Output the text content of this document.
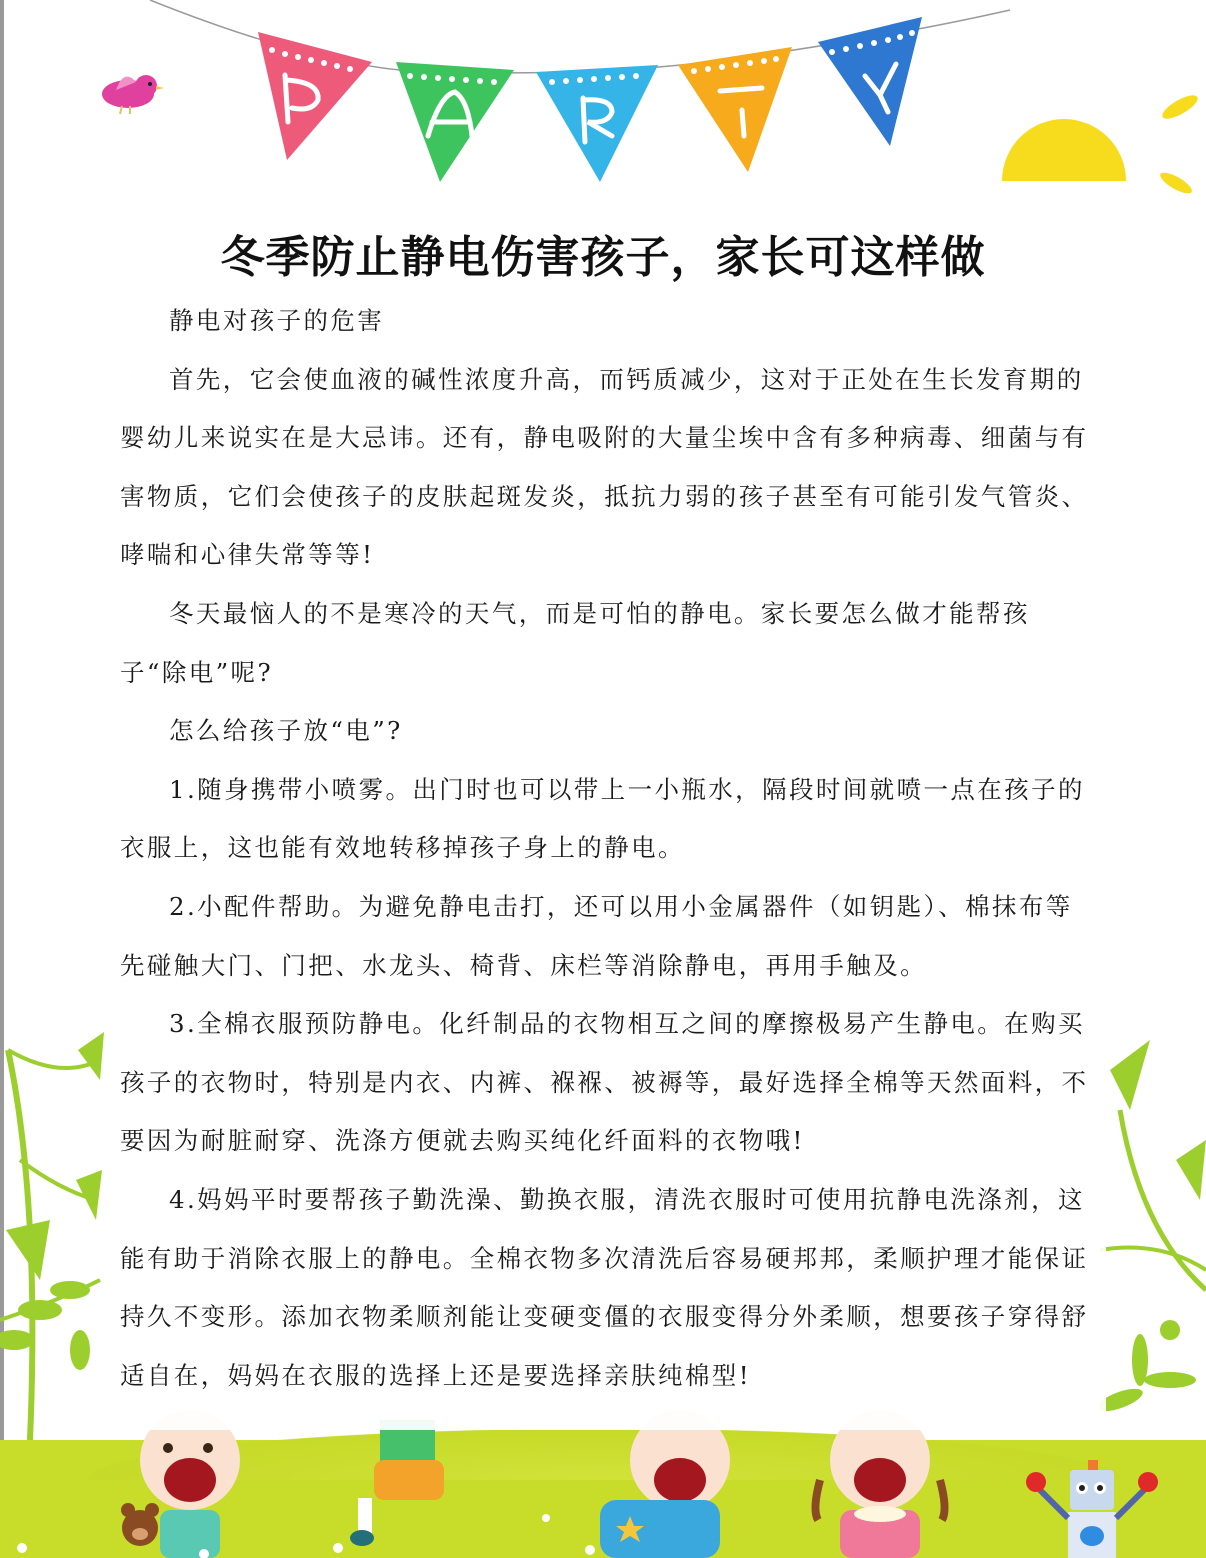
冬季防止静电伤害孩子，家长可这样做

静电对孩子的危害

首先，它会使血液的碱性浓度升高，而钙质减少，这对于正处在生长发育期的婴幼儿来说实在是大忌讳。还有，静电吸附的大量尘埃中含有多种病毒、细菌与有害物质，它们会使孩子的皮肤起斑发炎，抵抗力弱的孩子甚至有可能引发气管炎、哮喘和心律失常等等!

冬天最恼人的不是寒冷的天气，而是可怕的静电。家长要怎么做才能帮孩子“除电”呢?

怎么给孩子放“电”?

1.随身携带小喷雾。出门时也可以带上一小瓶水，隔段时间就喷一点在孩子的衣服上，这也能有效地转移掉孩子身上的静电。

2.小配件帮助。为避免静电击打，还可以用小金属器件（如钥匙）、棉抹布等先碰触大门、门把、水龙头、椅背、床栏等消除静电，再用手触及。

3.全棉衣服预防静电。化纤制品的衣物相互之间的摩擦极易产生静电。在购买孩子的衣物时，特别是内衣、内裤、褓褓、被褥等，最好选择全棉等天然面料，不要因为耐脏耐穿、洗涤方便就去购买纯化纤面料的衣物哦!

4.妈妈平时要帮孩子勤洗澡、勤换衣服，清洗衣服时可使用抗静电洗涤剂，这能有助于消除衣服上的静电。全棉衣物多次清洗后容易硬邦邦，柔顺护理才能保证持久不变形。添加衣物柔顺剂能让变硬变僵的衣服变得分外柔顺，想要孩子穿得舒适自在，妈妈在衣服的选择上还是要选择亲肤纯棉型!
